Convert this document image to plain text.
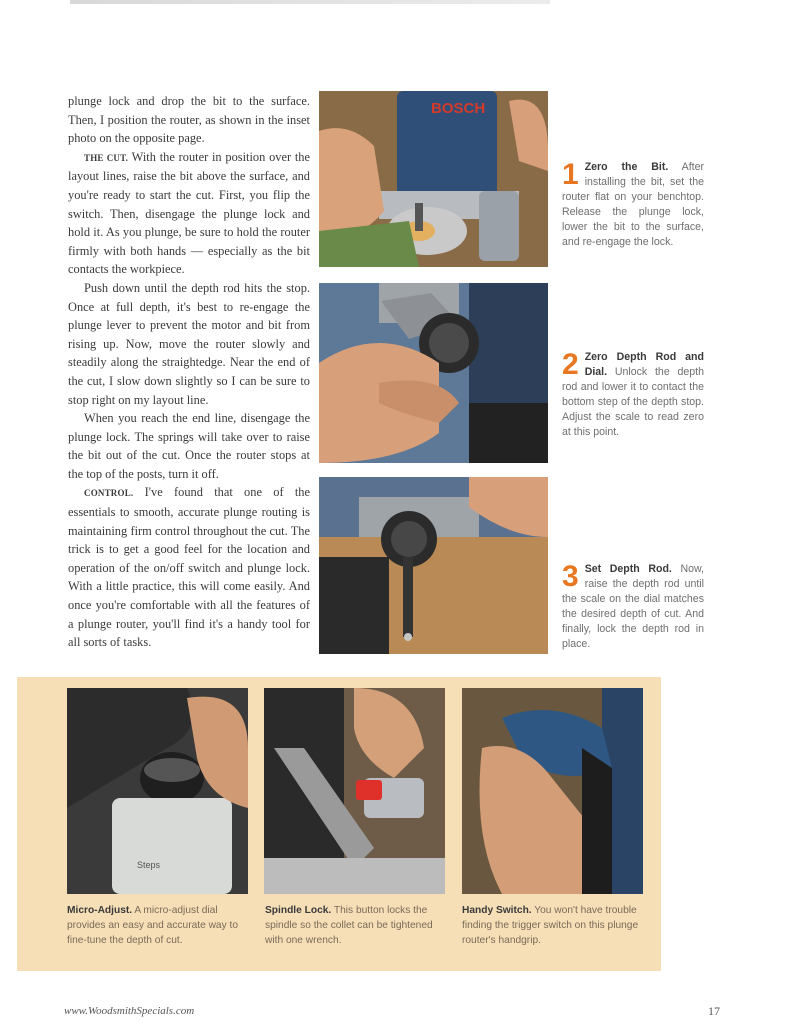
plunge lock and drop the bit to the surface. Then, I position the router, as shown in the inset photo on the opposite page.

THE CUT. With the router in position over the layout lines, raise the bit above the surface, and you're ready to start the cut. First, you flip the switch. Then, disengage the plunge lock and hold it. As you plunge, be sure to hold the router firmly with both hands — especially as the bit contacts the workpiece.

Push down until the depth rod hits the stop. Once at full depth, it's best to re-engage the plunge lever to prevent the motor and bit from rising up. Now, move the router slowly and steadily along the straightedge. Near the end of the cut, I slow down slightly so I can be sure to stop right on my layout line.

When you reach the end line, disengage the plunge lock. The springs will take over to raise the bit out of the cut. Once the router stops at the top of the posts, turn it off.

CONTROL. I've found that one of the essentials to smooth, accurate plunge routing is maintaining firm control throughout the cut. The trick is to get a good feel for the location and operation of the on/off switch and plunge lock. With a little practice, this will come easily. And once you're comfortable with all the features of a plunge router, you'll find it's a handy tool for all sorts of tasks.

BOSCH
1 Zero the Bit. After installing the bit, set the router flat on your benchtop. Release the plunge lock, lower the bit to the surface, and re-engage the lock.
2 Zero Depth Rod and Dial. Unlock the depth rod and lower it to contact the bottom step of the depth stop. Adjust the scale to read zero at this point.
3 Set Depth Rod. Now, raise the depth rod until the scale on the dial matches the desired depth of cut. And finally, lock the depth rod in place.
Steps
Micro-Adjust. A micro-adjust dial provides an easy and accurate way to fine-tune the depth of cut.
Spindle Lock. This button locks the spindle so the collet can be tightened with one wrench.
Handy Switch. You won't have trouble finding the trigger switch on this plunge router's handgrip.
www.WoodsmithSpecials.com	17
